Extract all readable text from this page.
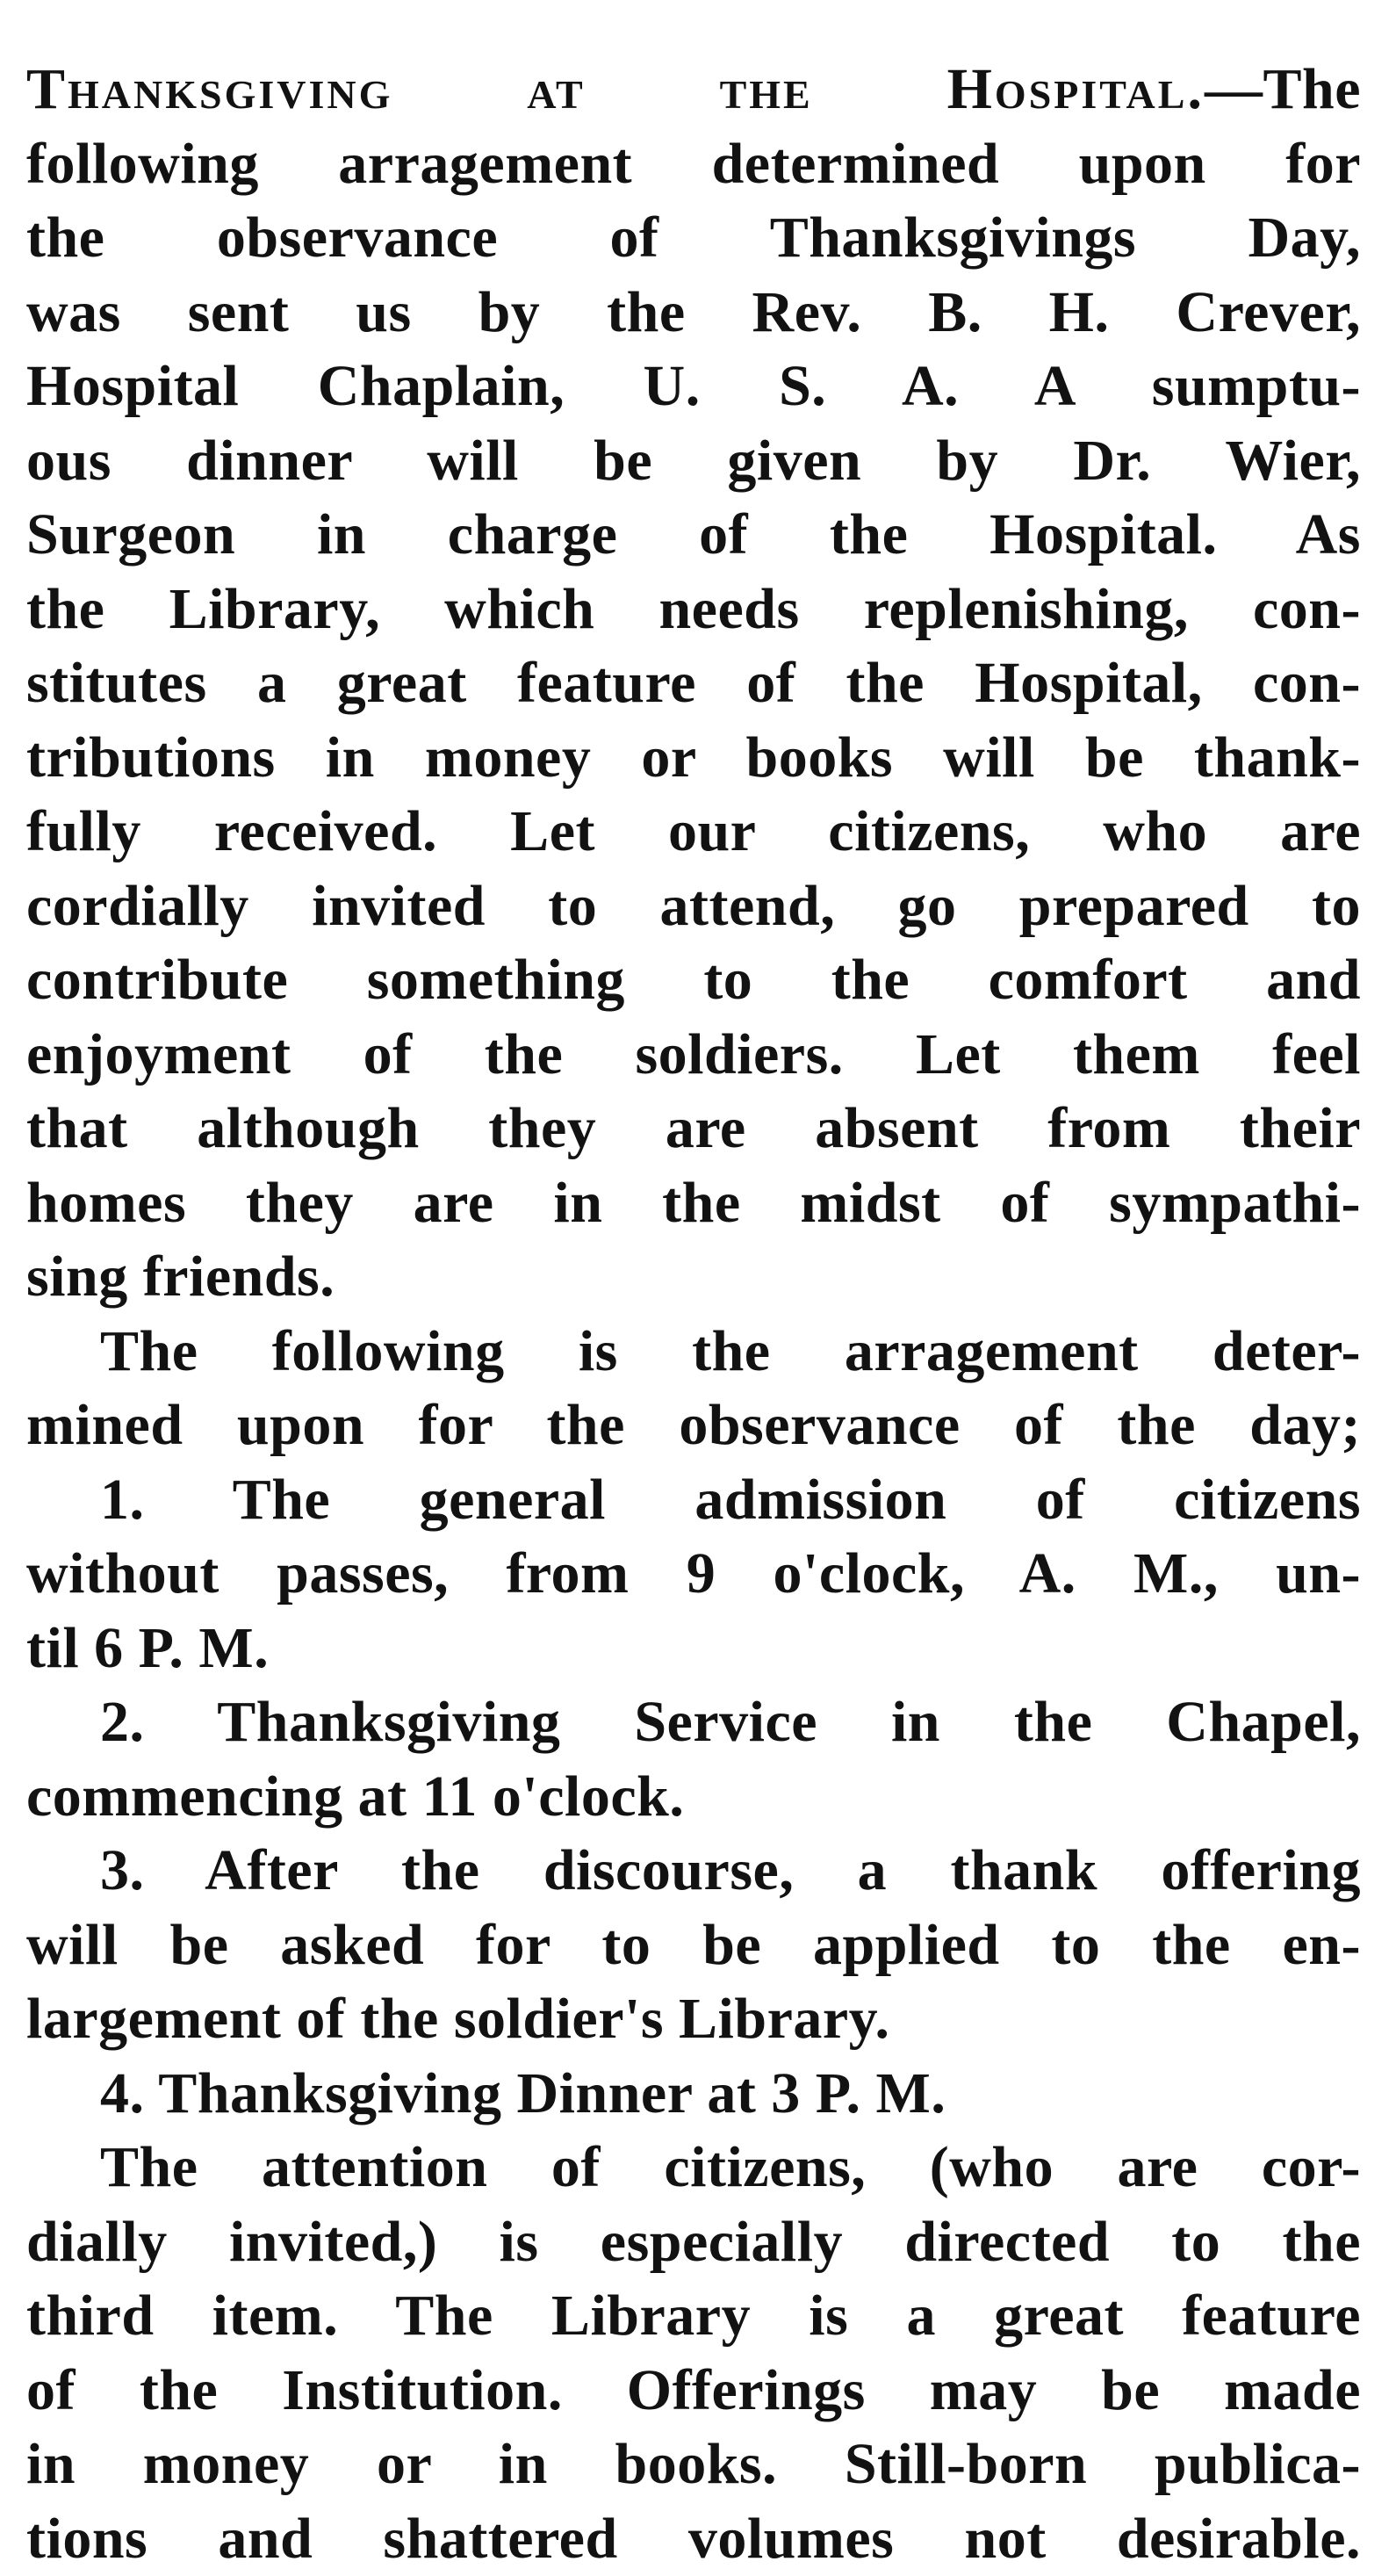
Thanksgiving at the Hospital.—The
following arragement determined upon for
the observance of Thanksgivings Day,
was sent us by the Rev. B. H. Crever,
Hospital Chaplain, U. S. A. A sumptu-
ous dinner will be given by Dr. Wier,
Surgeon in charge of the Hospital. As
the Library, which needs replenishing, con-
stitutes a great feature of the Hospital, con-
tributions in money or books will be thank-
fully received. Let our citizens, who are
cordially invited to attend, go prepared to
contribute something to the comfort and
enjoyment of the soldiers. Let them feel
that although they are absent from their
homes they are in the midst of sympathi-
sing friends.
The following is the arragement deter-
mined upon for the observance of the day;
1. The general admission of citizens
without passes, from 9 o'clock, A. M., un-
til 6 P. M.
2. Thanksgiving Service in the Chapel,
commencing at 11 o'clock.
3. After the discourse, a thank offering
will be asked for to be applied to the en-
largement of the soldier's Library.
4. Thanksgiving Dinner at 3 P. M.
The attention of citizens, (who are cor-
dially invited,) is especially directed to the
third item. The Library is a great feature
of the Institution. Offerings may be made
in money or in books. Still-born publica-
tions and shattered volumes not desirable.
